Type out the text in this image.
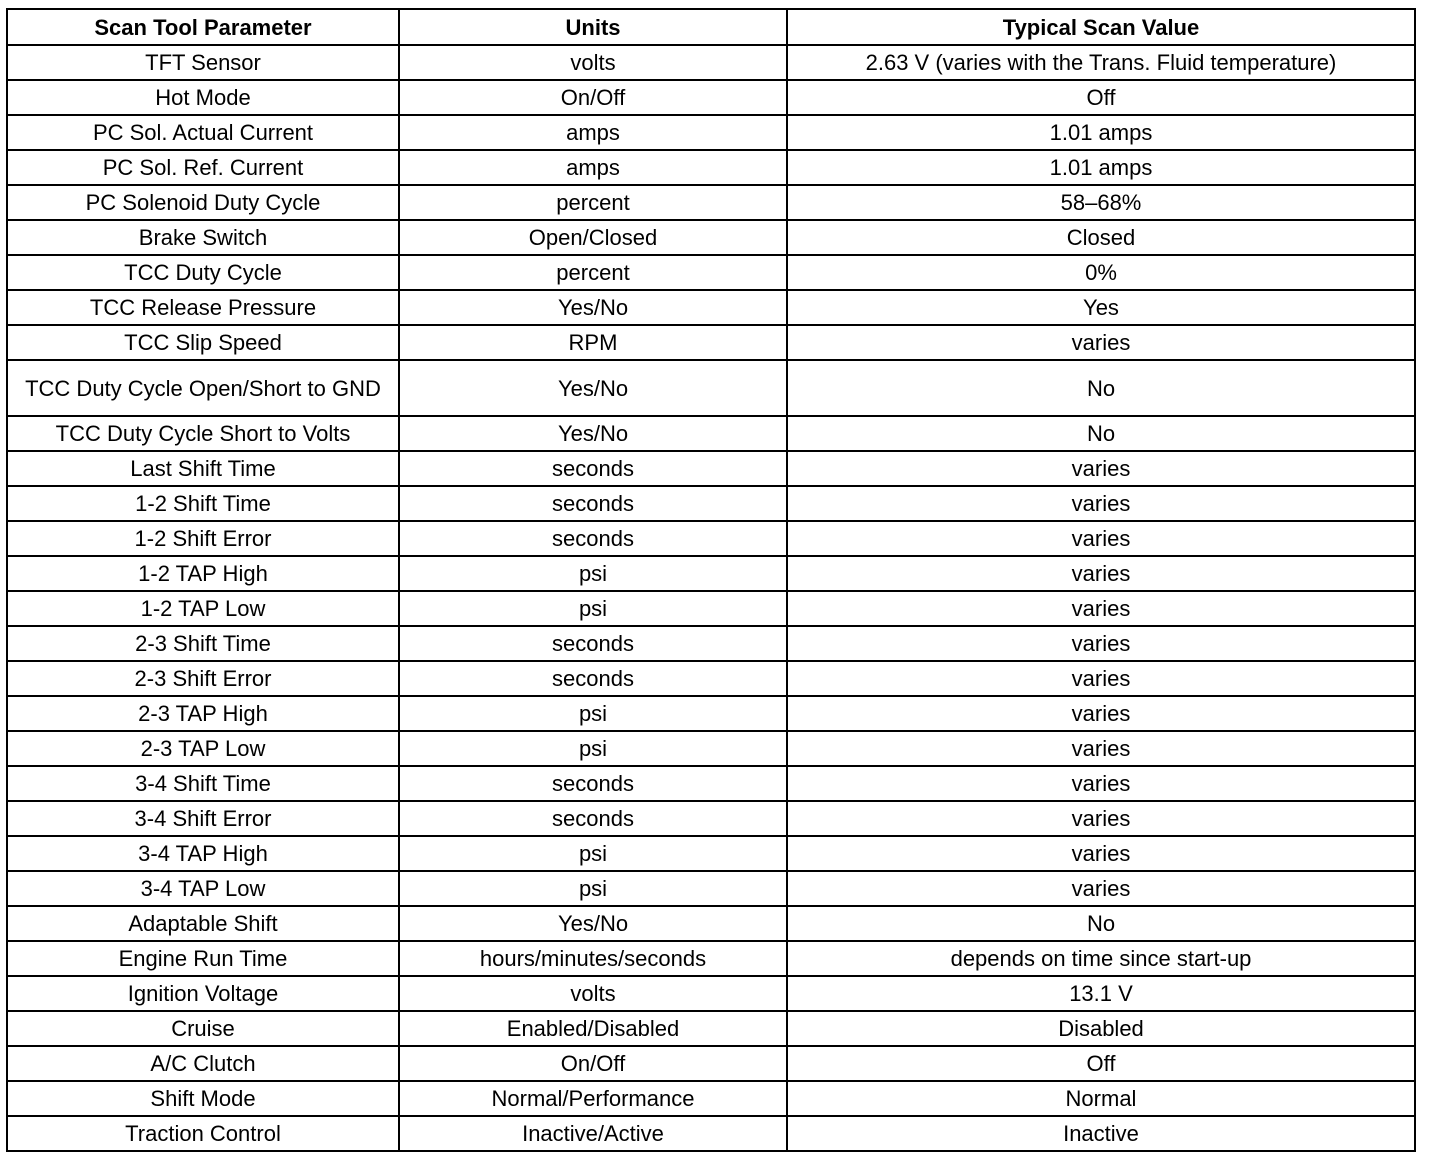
Scan Tool Parameter	Units	Typical Scan Value
TFT Sensor	volts	2.63 V (varies with the Trans. Fluid temperature)
Hot Mode	On/Off	Off
PC Sol. Actual Current	amps	1.01 amps
PC Sol. Ref. Current	amps	1.01 amps
PC Solenoid Duty Cycle	percent	58–68%
Brake Switch	Open/Closed	Closed
TCC Duty Cycle	percent	0%
TCC Release Pressure	Yes/No	Yes
TCC Slip Speed	RPM	varies
TCC Duty Cycle Open/Short to GND	Yes/No	No
TCC Duty Cycle Short to Volts	Yes/No	No
Last Shift Time	seconds	varies
1-2 Shift Time	seconds	varies
1-2 Shift Error	seconds	varies
1-2 TAP High	psi	varies
1-2 TAP Low	psi	varies
2-3 Shift Time	seconds	varies
2-3 Shift Error	seconds	varies
2-3 TAP High	psi	varies
2-3 TAP Low	psi	varies
3-4 Shift Time	seconds	varies
3-4 Shift Error	seconds	varies
3-4 TAP High	psi	varies
3-4 TAP Low	psi	varies
Adaptable Shift	Yes/No	No
Engine Run Time	hours/minutes/seconds	depends on time since start-up
Ignition Voltage	volts	13.1 V
Cruise	Enabled/Disabled	Disabled
A/C Clutch	On/Off	Off
Shift Mode	Normal/Performance	Normal
Traction Control	Inactive/Active	Inactive
